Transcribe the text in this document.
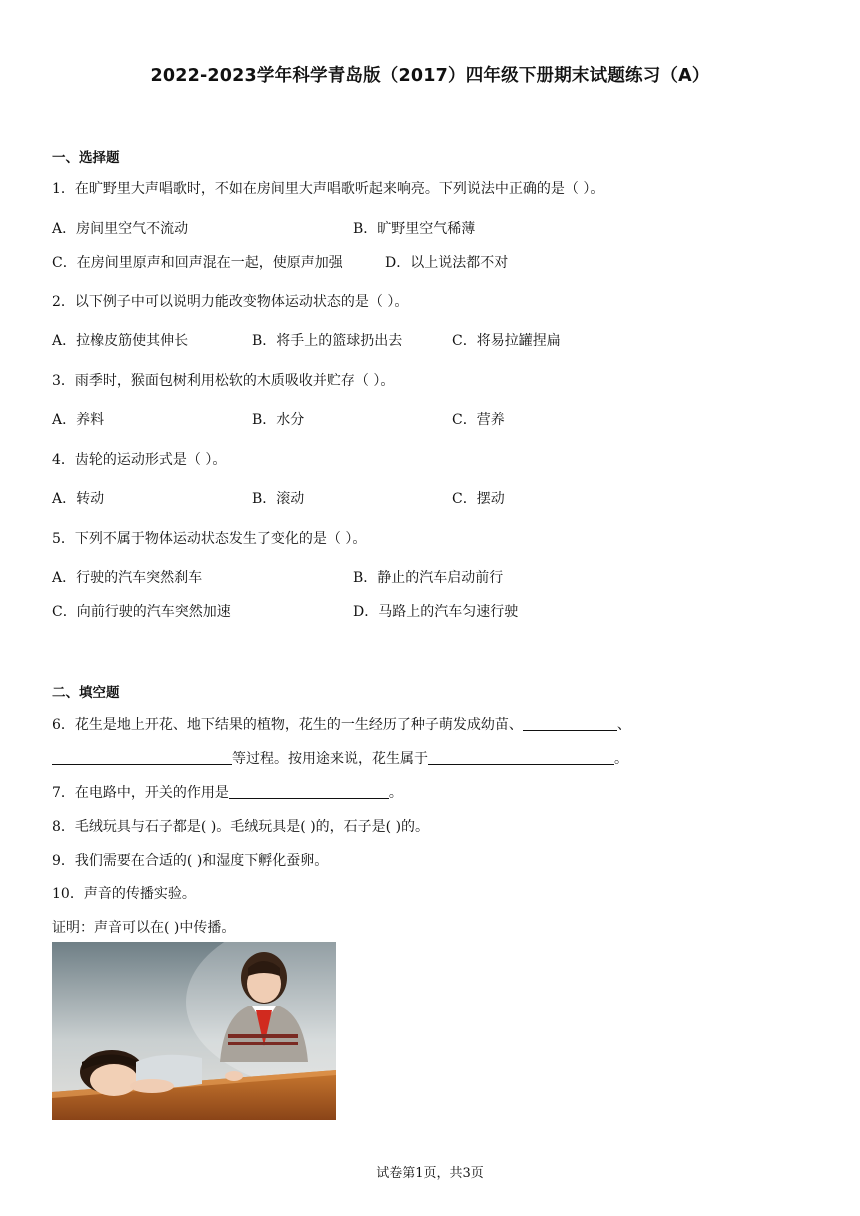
2022-2023学年科学青岛版（2017）四年级下册期末试题练习（A）
一、选择题
1．在旷野里大声唱歌时，不如在房间里大声唱歌听起来响亮。下列说法中正确的是（ ）。
A．房间里空气不流动	B．旷野里空气稀薄
C．在房间里原声和回声混在一起，使原声加强	D．以上说法都不对
2．以下例子中可以说明力能改变物体运动状态的是（ ）。
A．拉橡皮筋使其伸长	B．将手上的篮球扔出去	C．将易拉罐捏扁
3．雨季时，猴面包树利用松软的木质吸收并贮存（ ）。
A．养料	B．水分	C．营养
4．齿轮的运动形式是（ ）。
A．转动	B．滚动	C．摆动
5．下列不属于物体运动状态发生了变化的是（ ）。
A．行驶的汽车突然刹车	B．静止的汽车启动前行
C．向前行驶的汽车突然加速	D．马路上的汽车匀速行驶
二、填空题
6．花生是地上开花、地下结果的植物，花生的一生经历了种子萌发成幼苗、	、
等过程。按用途来说，花生属于	。
7．在电路中，开关的作用是	。
8．毛绒玩具与石子都是( )。毛绒玩具是( )的，石子是( )的。
9．我们需要在合适的( )和湿度下孵化蚕卵。
10．声音的传播实验。
证明：声音可以在( )中传播。
试卷第1页，共3页
